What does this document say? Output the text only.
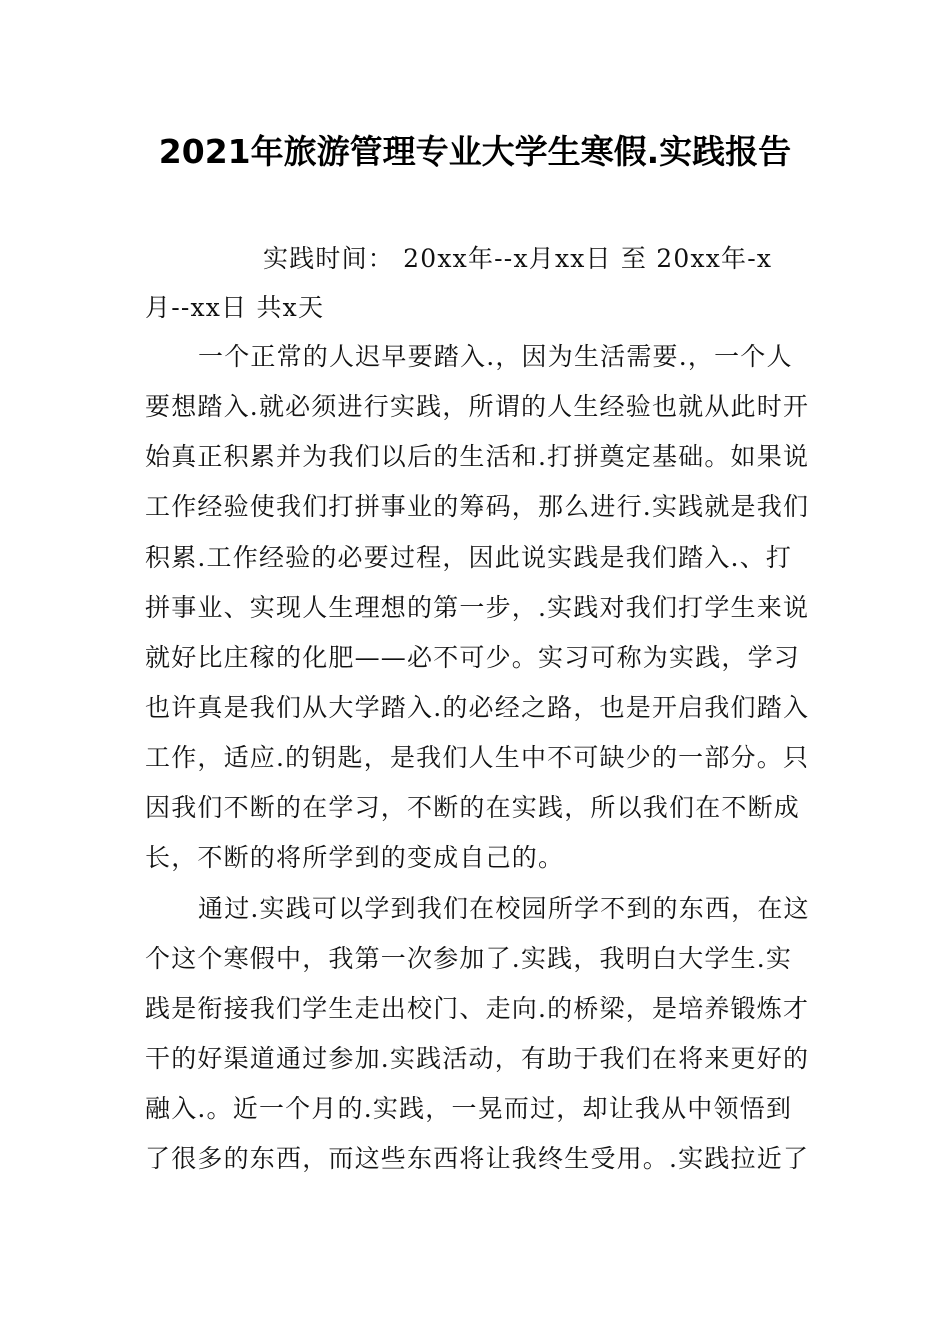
2021年旅游管理专业大学生寒假.实践报告

实践时间： 20xx年--x月xx日 至 20xx年-x

月--xx日 共x天

一个正常的人迟早要踏入.，因为生活需要.，一个人

要想踏入.就必须进行实践，所谓的人生经验也就从此时开

始真正积累并为我们以后的生活和.打拼奠定基础。如果说

工作经验使我们打拼事业的筹码，那么进行.实践就是我们

积累.工作经验的必要过程，因此说实践是我们踏入.、打

拼事业、实现人生理想的第一步，.实践对我们打学生来说

就好比庄稼的化肥——必不可少。实习可称为实践，学习

也许真是我们从大学踏入.的必经之路，也是开启我们踏入

工作，适应.的钥匙，是我们人生中不可缺少的一部分。只

因我们不断的在学习，不断的在实践，所以我们在不断成

长，不断的将所学到的变成自己的。

通过.实践可以学到我们在校园所学不到的东西，在这

个这个寒假中，我第一次参加了.实践，我明白大学生.实

践是衔接我们学生走出校门、走向.的桥梁，是培养锻炼才

干的好渠道通过参加.实践活动，有助于我们在将来更好的

融入.。近一个月的.实践，一晃而过，却让我从中领悟到

了很多的东西，而这些东西将让我终生受用。.实践拉近了
